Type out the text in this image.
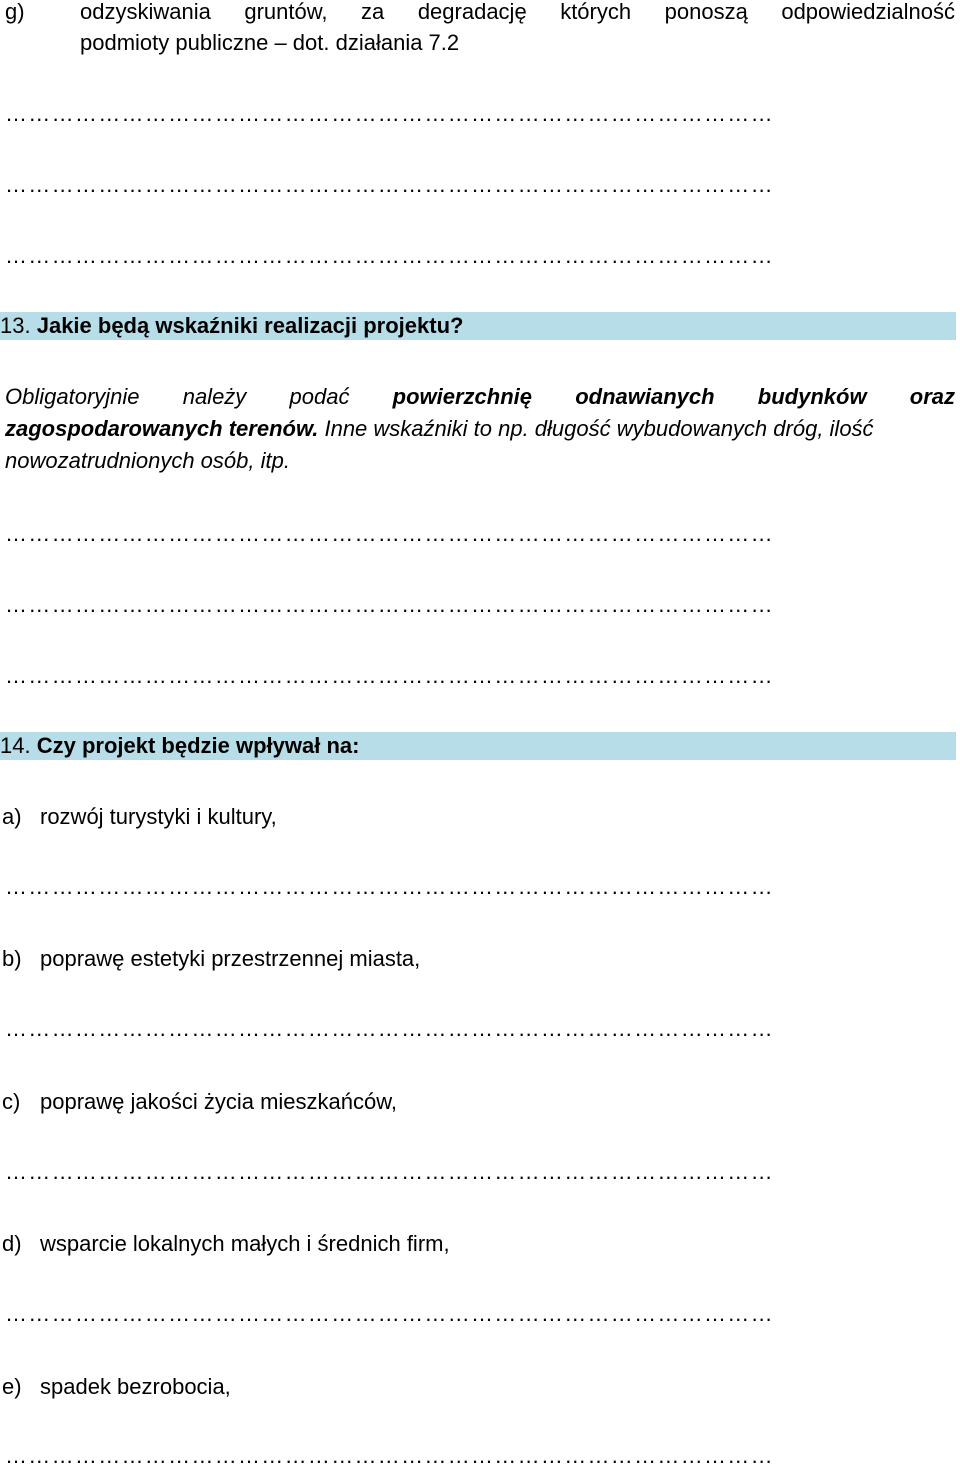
g)	odzyskiwania gruntów, za degradację których ponoszą odpowiedzialność
podmioty publiczne – dot. działania 7.2
………………………………………………………………………………………
………………………………………………………………………………………
………………………………………………………………………………………
13. Jakie będą wskaźniki realizacji projektu?
Obligatoryjnie należy podać powierzchnię odnawianych budynków oraz
zagospodarowanych terenów. Inne wskaźniki to np. długość wybudowanych dróg, ilość
nowozatrudnionych osób, itp.
………………………………………………………………………………………
………………………………………………………………………………………
………………………………………………………………………………………
14. Czy projekt będzie wpływał na:
a) rozwój turystyki i kultury,
………………………………………………………………………………………
b) poprawę estetyki przestrzennej miasta,
………………………………………………………………………………………
c) poprawę jakości życia mieszkańców,
………………………………………………………………………………………
d) wsparcie lokalnych małych i średnich firm,
………………………………………………………………………………………
e) spadek bezrobocia,
………………………………………………………………………………………
